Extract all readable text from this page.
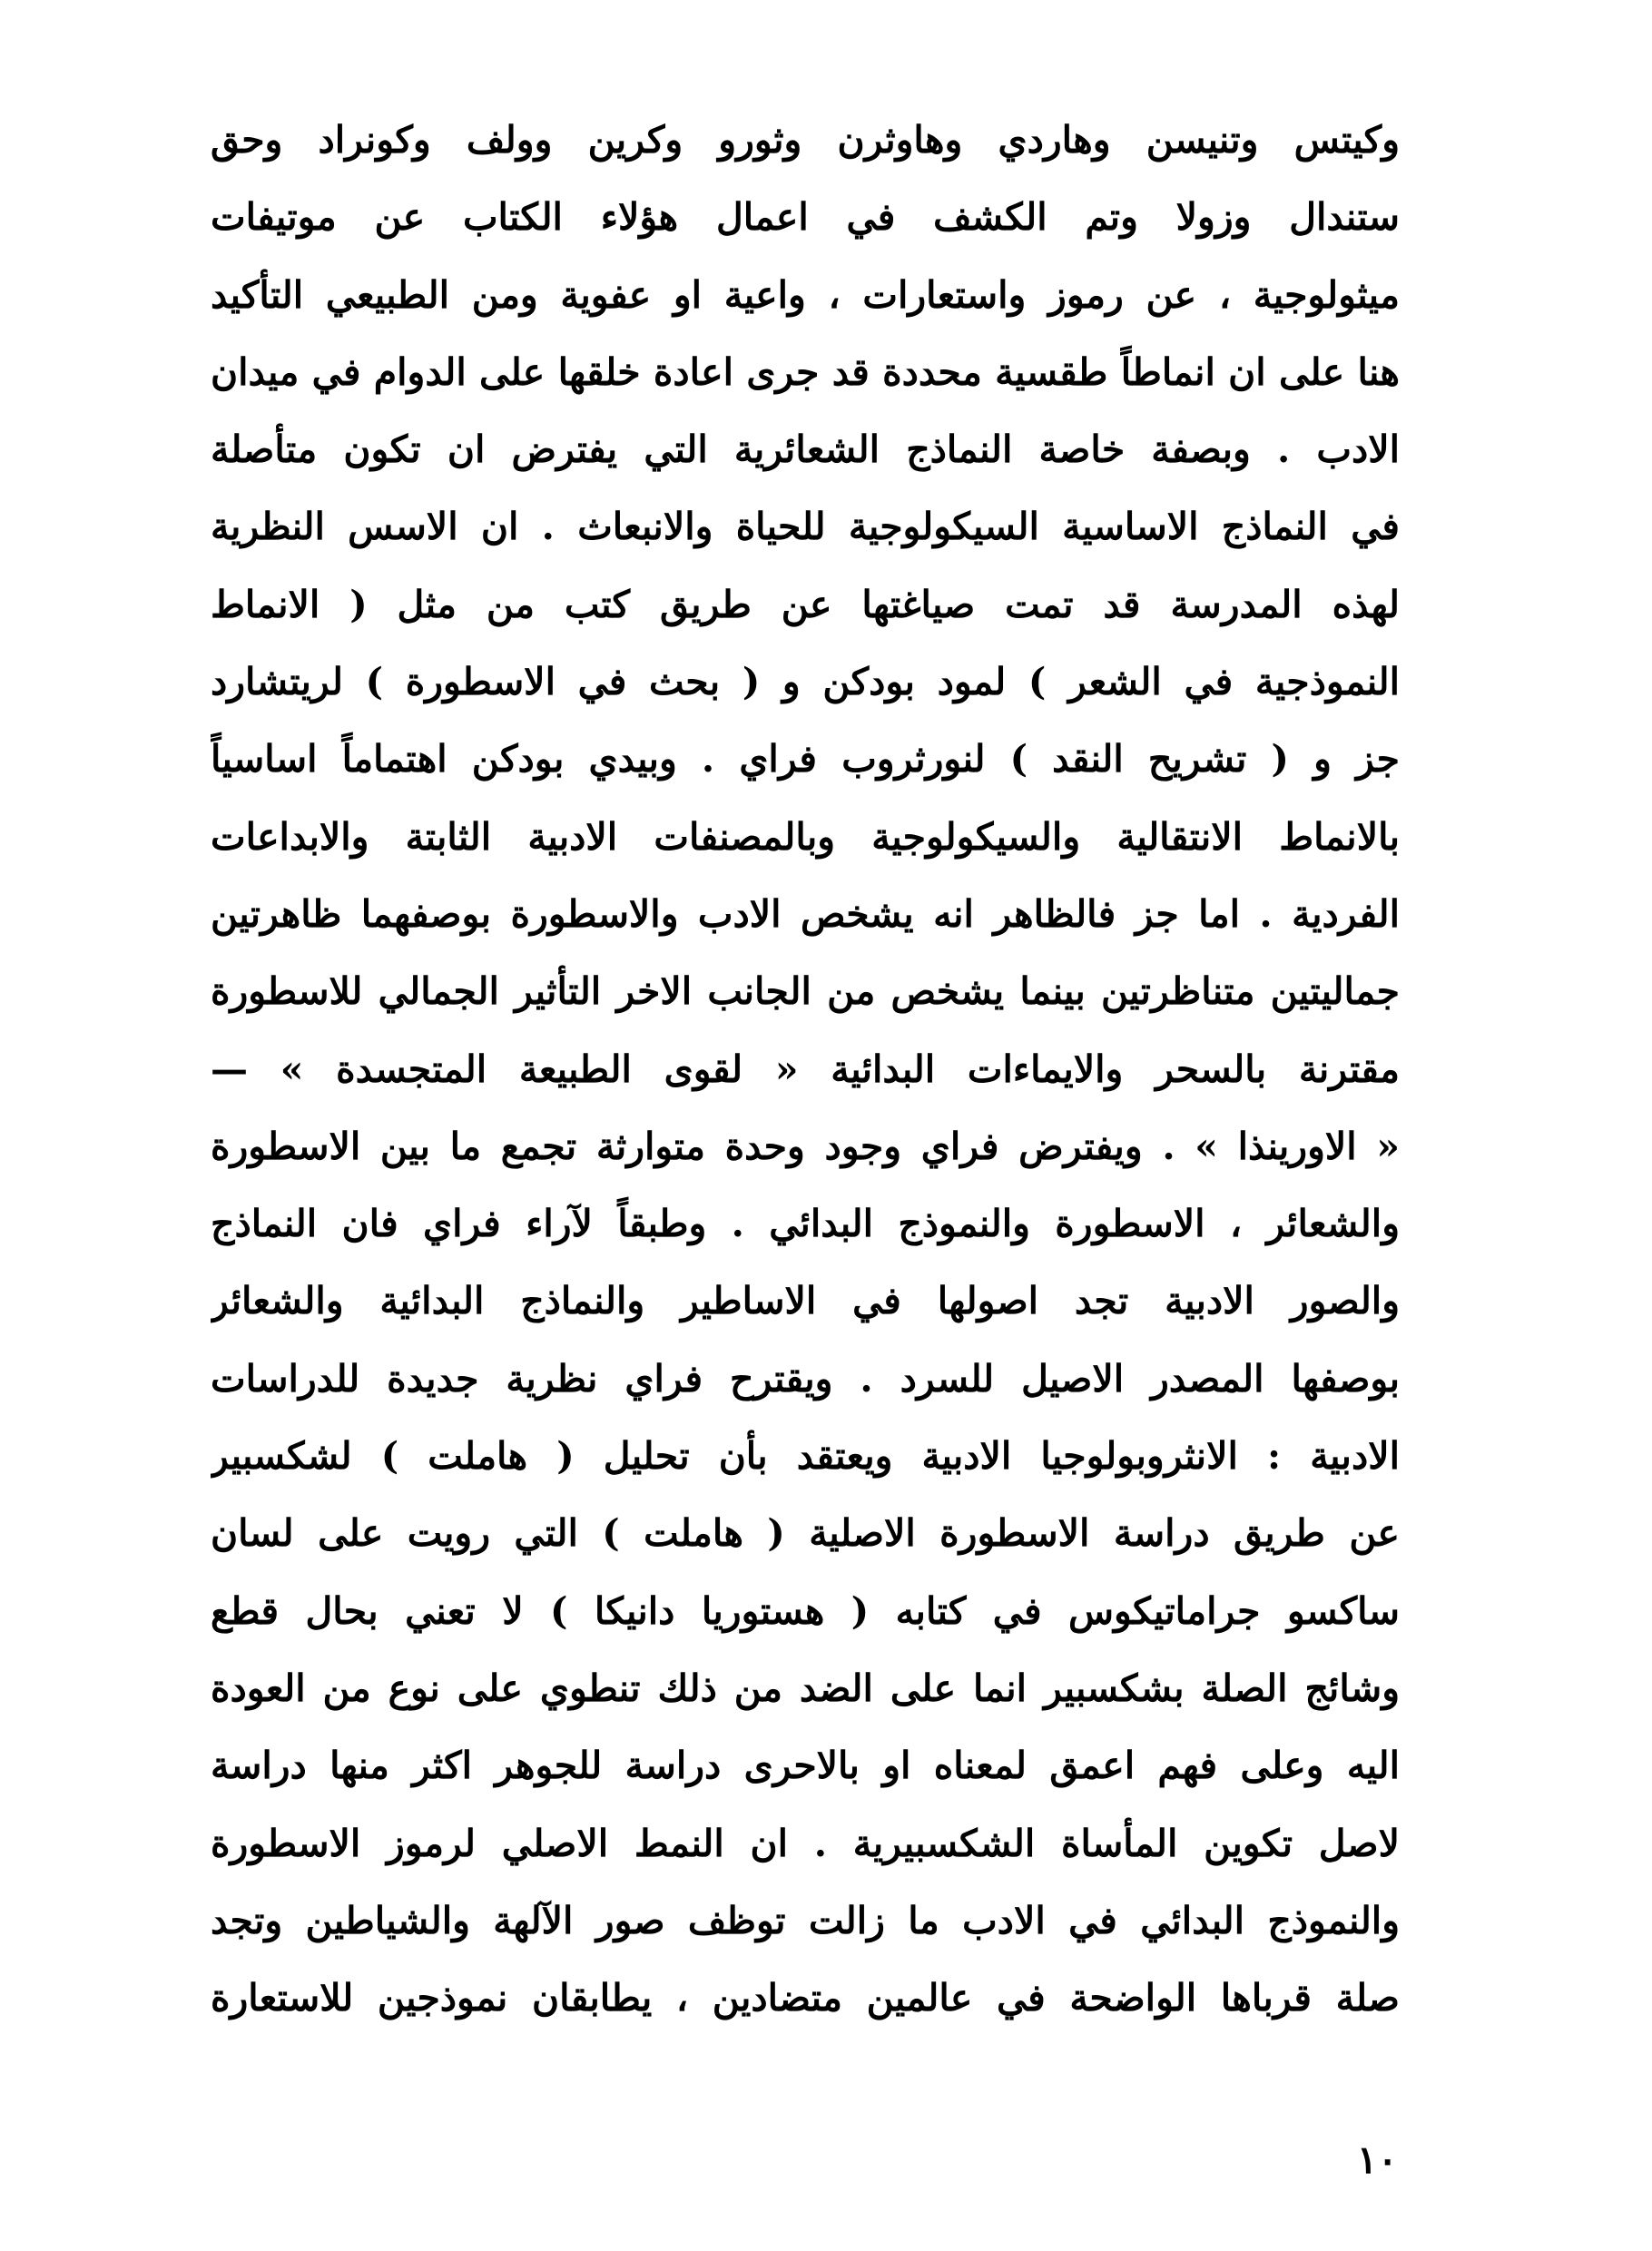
وكيتس وتنيسن وهاردي وهاوثرن وثورو وكرين وولف وكونراد وحق
ستندال وزولا وتم الكشف في اعمال هؤلاء الكتاب عن موتيفات
ميثولوجية ، عن رموز واستعارات ، واعية او عفوية ومن الطبيعي التأكيد
هنا على ان انماطاً طقسية محددة قد جرى اعادة خلقها على الدوام في ميدان
الادب . وبصفة خاصة النماذج الشعائرية التي يفترض ان تكون متأصلة
في النماذج الاساسية السيكولوجية للحياة والانبعاث . ان الاسس النظرية
لهذه المدرسة قد تمت صياغتها عن طريق كتب من مثل ( الانماط
النموذجية في الشعر ) لمود بودكن و ( بحث في الاسطورة ) لريتشارد
جز و ( تشريح النقد ) لنورثروب فراي . وبيدي بودكن اهتماماً اساسياً
بالانماط الانتقالية والسيكولوجية وبالمصنفات الادبية الثابتة والابداعات
الفردية . اما جز فالظاهر انه يشخص الادب والاسطورة بوصفهما ظاهرتين
جماليتين متناظرتين بينما يشخص من الجانب الاخر التأثير الجمالي للاسطورة
مقترنة بالسحر والايماءات البدائية « لقوى الطبيعة المتجسدة » —
« الاورينذا » . ويفترض فراي وجود وحدة متوارثة تجمع ما بين الاسطورة
والشعائر ، الاسطورة والنموذج البدائي . وطبقاً لآراء فراي فان النماذج
والصور الادبية تجد اصولها في الاساطير والنماذج البدائية والشعائر
بوصفها المصدر الاصيل للسرد . ويقترح فراي نظرية جديدة للدراسات
الادبية : الانثروبولوجيا الادبية ويعتقد بأن تحليل ( هاملت ) لشكسبير
عن طريق دراسة الاسطورة الاصلية ( هاملت ) التي رويت على لسان
ساكسو جراماتيكوس في كتابه ( هستوريا دانيكا ) لا تعني بحال قطع
وشائج الصلة بشكسبير انما على الضد من ذلك تنطوي على نوع من العودة
اليه وعلى فهم اعمق لمعناه او بالاحرى دراسة للجوهر اكثر منها دراسة
لاصل تكوين المأساة الشكسبيرية . ان النمط الاصلي لرموز الاسطورة
والنموذج البدائي في الادب ما زالت توظف صور الآلهة والشياطين وتجد
صلة قرباها الواضحة في عالمين متضادين ، يطابقان نموذجين للاستعارة
١٠
